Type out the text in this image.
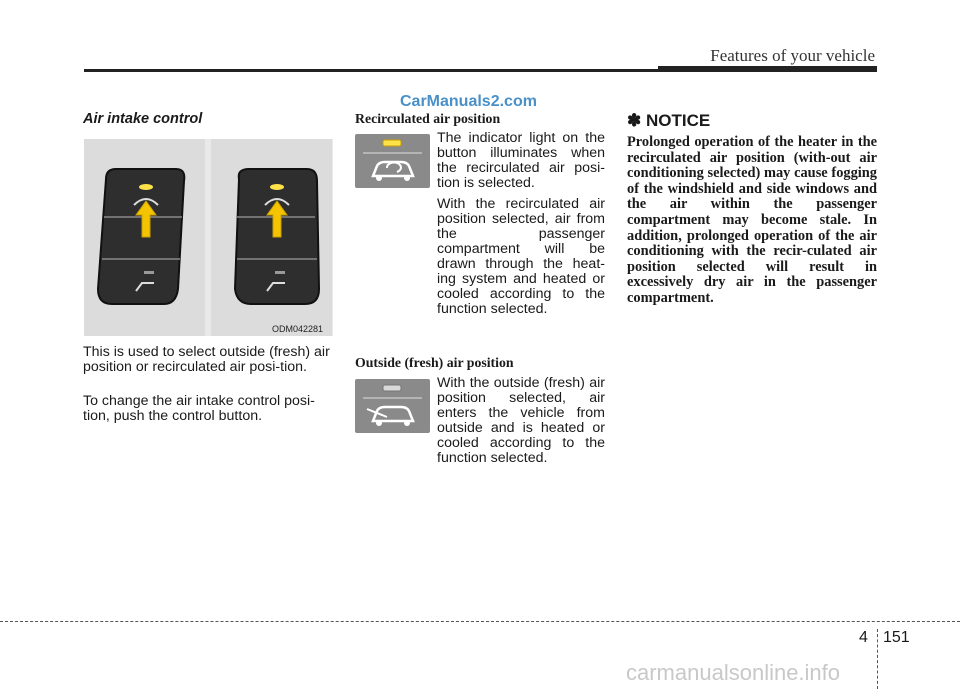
Features of your vehicle
CarManuals2.com
Air intake control
ODM042281
This is used to select outside (fresh) air position or recirculated air posi-tion.
To change the air intake control posi-tion, push the control button.
Recirculated air position
The indicator light on the button illuminates when the recirculated air posi-tion is selected.
With the recirculated air position selected, air from the passenger compartment will be drawn through the heat-ing system and heated or cooled according to the function selected.
Outside (fresh) air position
With the outside (fresh) air position selected, air enters the vehicle from outside and is heated or cooled according to the function selected.
✽ NOTICE
Prolonged operation of the heater in the recirculated air position (with-out air conditioning selected) may cause fogging of the windshield and side windows and the air within the passenger compartment may become stale. In addition, prolonged operation of the air conditioning with the recir-culated air position selected will result in excessively dry air in the passenger compartment.
4 151
carmanualsonline.info
